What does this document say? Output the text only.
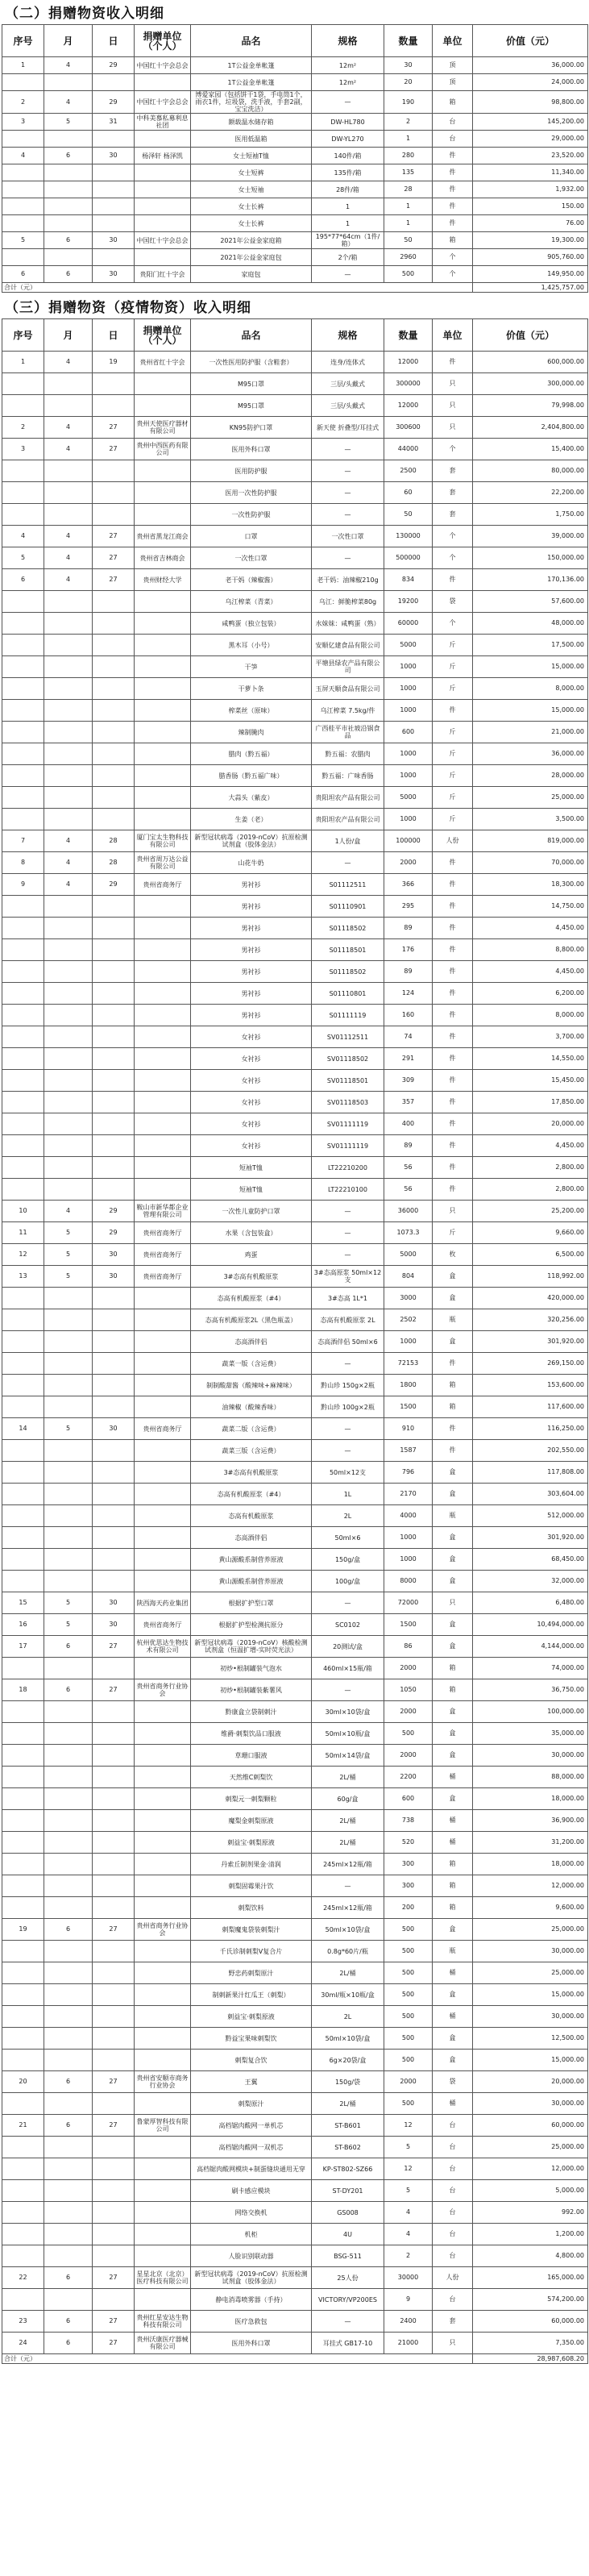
（二）捐赠物资收入明细
序号	月	日	捐赠单位（个人）	品名	规格	数量	单位	价值（元）
1	4	29	中国红十字会总会	1T公益金单帐篷	12m²	30	顶	36,000.00
				1T公益金单帐篷	12m²	20	顶	24,000.00
2	4	29	中国红十字会总会	博爱家园（包括饼干1袋，手电筒1个，雨衣1件，垃圾袋，洗手液，手套2副，宝宝洗洁）	—	190	箱	98,800.00
3	5	31	中科美慕私募利息社团	额载温水储存箱	DW-HL780	2	台	145,200.00
				医用低温箱	DW-YL270	1	台	29,000.00
4	6	30	杨泽轩 杨泽凯	女士短袖T恤	140件/箱	280	件	23,520.00
				女士短裤	135件/箱	135	件	11,340.00
				女士短袖	28件/箱	28	件	1,932.00
				女士长裤	1	1	件	150.00
				女士长裤	1	1	件	76.00
5	6	30	中国红十字会总会	2021年公益金家庭箱	195*77*64cm（1件/箱）	50	箱	19,300.00
				2021年公益金家庭包	2个/箱	2960	个	905,760.00
6	6	30	贵阳门红十字会	家庭包	—	500	个	149,950.00
合计（元）								1,425,757.00
（三）捐赠物资（疫情物资）收入明细
序号	月	日	捐赠单位（个人）	品名	规格	数量	单位	价值（元）
1	4	19	贵州省红十字会	一次性医用防护服（含鞋套）	连身/连体式	12000	件	600,000.00
				M95口罩	三层/头戴式	300000	只	300,000.00
				M95口罩	三层/头戴式	12000	只	79,998.00
2	4	27	贵州天使医疗器材有限公司	KN95防护口罩	新天使 折叠型/耳挂式	300600	只	2,404,800.00
3	4	27	贵州中西医药有限公司	医用外科口罩	—	44000	个	15,400.00
				医用防护服	—	2500	套	80,000.00
				医用一次性防护服	—	60	套	22,200.00
				一次性防护服	—	50	套	1,750.00
4	4	27	贵州省黑龙江商会	口罩	一次性口罩	130000	个	39,000.00
5	4	27	贵州省吉林商会	一次性口罩	—	500000	个	150,000.00
6	4	27	贵州财经大学	老干妈（辣椒酱）	老干妈：油辣椒210g	834	件	170,136.00
				乌江榨菜（青菜）	乌江：鲜脆榨菜80g	19200	袋	57,600.00
				咸鸭蛋（独立包装）	水妹妹：咸鸭蛋（熟）	60000	个	48,000.00
				黑木耳（小号）	安顺亿建食品有限公司	5000	斤	17,500.00
				干笋	平塘县绿农产品有限公司	1000	斤	15,000.00
				干萝卜条	玉屏天顺食品有限公司	1000	斤	8,000.00
				榨菜丝（原味）	乌江榨菜 7.5kg/件	1000	件	15,000.00
				辣制腌肉	广西桂平市社坡沿锅食品	600	斤	21,000.00
				腊肉（黔五福）	黔五福：农腊肉	1000	斤	36,000.00
				腊香肠（黔五福广味）	黔五福：广味香肠	1000	斤	28,000.00
				大蒜头（紫皮）	贵阳坦农产品有限公司	5000	斤	25,000.00
				生姜（老）	贵阳坦农产品有限公司	1000	斤	3,500.00
7	4	28	厦门宝太生物科技有限公司	新型冠状病毒（2019-nCoV）抗原检测试剂盒（胶体金法）	1人份/盒	100000	人份	819,000.00
8	4	28	贵州省周万达公益有限公司	山花牛奶	—	2000	件	70,000.00
9	4	29	贵州省商务厅	男衬衫	S01112511	366	件	18,300.00
				男衬衫	S01110901	295	件	14,750.00
				男衬衫	S01118502	89	件	4,450.00
				男衬衫	S01118501	176	件	8,800.00
				男衬衫	S01118502	89	件	4,450.00
				男衬衫	S01110801	124	件	6,200.00
				男衬衫	S01111119	160	件	8,000.00
				女衬衫	SV01112511	74	件	3,700.00
				女衬衫	SV01118502	291	件	14,550.00
				女衬衫	SV01118501	309	件	15,450.00
				女衬衫	SV01118503	357	件	17,850.00
				女衬衫	SV01111119	400	件	20,000.00
				女衬衫	SV01111119	89	件	4,450.00
				短袖T恤	LT22210200	56	件	2,800.00
				短袖T恤	LT22210100	56	件	2,800.00
10	4	29	鞍山市新华都企业管理有限公司	一次性儿童防护口罩	—	36000	只	25,200.00
11	5	29	贵州省商务厅	水果（含包装盒）	—	1073.3	斤	9,660.00
12	5	30	贵州省商务厅	鸡蛋	—	5000	枚	6,500.00
13	5	30	贵州省商务厅	3#态高有机酸原浆	3#态高原浆 50ml×12支	804	盒	118,992.00
				态高有机酸原浆（#4）	3#态高 1L*1	3000	盒	420,000.00
				态高有机酸原浆2L（黑色瓶盖）	态高有机酸原浆 2L	2502	瓶	320,256.00
				态高酒伴侣	态高酒伴侣 50ml×6	1000	盒	301,920.00
				蔬菜一版（含运费）	—	72153	件	269,150.00
				制制酸甜酱（酸辣味+麻辣味）	黔山珍 150g×2瓶	1800	箱	153,600.00
				油辣椒（酸辣香味）	黔山珍 100g×2瓶	1500	箱	117,600.00
14	5	30	贵州省商务厅	蔬菜二版（含运费）	—	910	件	116,250.00
				蔬菜三版（含运费）	—	1587	件	202,550.00
				3#态高有机酸原浆	50ml×12支	796	盒	117,808.00
				态高有机酸原浆（#4）	1L	2170	盒	303,604.00
				态高有机酸原浆	2L	4000	瓶	512,000.00
				态高酒伴侣	50ml×6	1000	盒	301,920.00
				黄山源酸系制营养原液	150g/盒	1000	盒	68,450.00
				黄山源酸系制营养原液	100g/盒	8000	盒	32,000.00
15	5	30	陕西海天药业集团	根据扩护型口罩	—	72000	只	6,480.00
16	5	30	贵州省商务厅	根据扩护型检测抗原分	SC0102	1500	盒	10,494,000.00
17	6	27	杭州优思达生物技术有限公司	新型冠状病毒（2019-nCoV）核酸检测试剂盒（恒温扩增-实时荧光法）	20测试/盒	86	盒	4,144,000.00
				初炒•根制罐装气泡水	460ml×15瓶/箱	2000	箱	74,000.00
18	6	27	贵州省商务行业协会	初炒•根制罐装紫薯风	—	1050	箱	36,750.00
				黔康盒立袋制刺汁	30ml×10袋/盒	2000	盒	100,000.00
				维爵·刺梨饮品口服液	50ml×10瓶/盒	500	盒	35,000.00
				草珊口服液	50ml×14袋/盒	2000	盒	30,000.00
				天然维C刺梨饮	2L/桶	2200	桶	88,000.00
				刺梨元一刺梨颗粒	60g/盒	600	盒	18,000.00
				魔梨金刺梨原液	2L/桶	738	桶	36,900.00
				刺益宝·刺梨原液	2L/桶	520	桶	31,200.00
				丹索丘制剂果金·清润	245ml×12瓶/箱	300	箱	18,000.00
				刺梨固霉果汁饮	—	300	箱	12,000.00
				刺梨饮料	245ml×12瓶/箱	200	箱	9,600.00
19	6	27	贵州省商务行业协会	刺梨魔鬼袋装刺梨汁	50ml×10袋/盒	500	盒	25,000.00
				千氏诊制刺梨V复合片	0.8g*60片/瓶	500	瓶	30,000.00
				野忠药刺梨原汁	2L/桶	500	桶	25,000.00
				制刺新果汁红瓜王（刺梨）	30ml/瓶×10瓶/盒	500	盒	15,000.00
				刺益宝·刺梨原液	2L	500	桶	30,000.00
				黔益宝果味刺梨饮	50ml×10袋/盒	500	盒	12,500.00
				刺梨复合饮	6g×20袋/盒	500	盒	15,000.00
20	6	27	贵州省安顺市商务行业协会	王翼	150g/袋	2000	袋	20,000.00
				刺梨原汁	2L/桶	500	桶	30,000.00
21	6	27	鲁蒙厚智科技有限公司	高档锯肉酸网一单机芯	ST-B601	12	台	60,000.00
				高档锯肉酸网一双机芯	ST-B602	5	台	25,000.00
				高档锯肉酸网模块+制蛋缝块通用无穿	KP-ST802-SZ66	12	台	12,000.00
				刷卡感应模块	ST-DY201	5	台	5,000.00
				网络交换机	GS008	4	台	992.00
				机柜	4U	4	台	1,200.00
				人脸识别联动器	BSG-511	2	台	4,800.00
22	6	27	星星北京（北京）医疗科技有限公司	新型冠状病毒（2019-nCoV）抗原检测试剂盒（胶体金法）	25人份	30000	人份	165,000.00
				静电消毒喷雾器（手持）	VICTORY/VP200ES	9	台	574,200.00
23	6	27	贵州红星安达生物科技有限公司	医疗急救包	—	2400	套	60,000.00
24	6	27	贵州沃康医疗器械有限公司	医用外科口罩	耳挂式 GB17-10	21000	只	7,350.00
合计（元）								28,987,608.20
